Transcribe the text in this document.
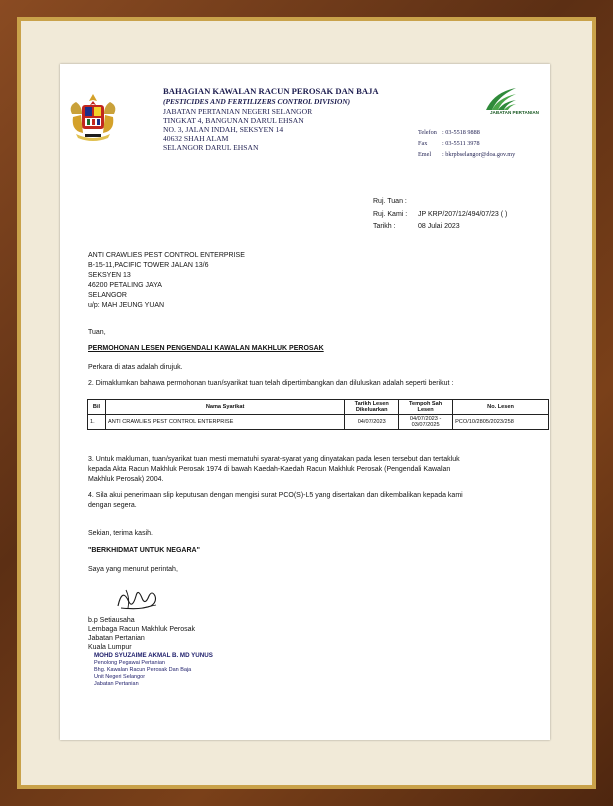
JABATAN PERTANIAN
BAHAGIAN KAWALAN RACUN PEROSAK DAN BAJA
(PESTICIDES AND FERTILIZERS CONTROL DIVISION)
JABATAN PERTANIAN NEGERI SELANGOR
TINGKAT 4, BANGUNAN DARUL EHSAN
NO. 3, JALAN INDAH, SEKSYEN 14
40632 SHAH ALAM
SELANGOR DARUL EHSAN
Telefon : 03-5518 9888
Fax : 03-5511 3978
Emel : bkrpbselangor@doa.gov.my
Ruj. Tuan :
Ruj. Kami : JP KRP/207/12/494/07/23 ( )
Tarikh :	08 Julai 2023
ANTI CRAWLIES PEST CONTROL ENTERPRISE
B-15-11,PACIFIC TOWER JALAN 13/6
SEKSYEN 13
46200 PETALING JAYA
SELANGOR
u/p: MAH JEUNG YUAN
Tuan,
PERMOHONAN LESEN PENGENDALI KAWALAN MAKHLUK PEROSAK
Perkara di atas adalah dirujuk.
2. Dimaklumkan bahawa permohonan tuan/syarikat tuan telah dipertimbangkan dan diluluskan adalah seperti berikut :
Bil	Nama Syarikat	Tarikh Lesen Dikeluarkan	Tempoh Sah Lesen	No. Lesen
1.	ANTI CRAWLIES PEST CONTROL ENTERPRISE	04/07/2023	04/07/2023 - 03/07/2025	PCO/10/2805/2023/258
3. Untuk makluman, tuan/syarikat tuan mesti mematuhi syarat-syarat yang dinyatakan pada lesen tersebut dan tertakluk
kepada Akta Racun Makhluk Perosak 1974 di bawah Kaedah-Kaedah Racun Makhluk Perosak (Pengendali Kawalan
Makhluk Perosak) 2004.
4. Sila akui penerimaan slip keputusan dengan mengisi surat PCO(S)-L5 yang disertakan dan dikembalikan kepada kami
dengan segera.
Sekian, terima kasih.
"BERKHIDMAT UNTUK NEGARA"
Saya yang menurut perintah,
b.p Setiausaha
Lembaga Racun Makhluk Perosak
Jabatan Pertanian
Kuala Lumpur
MOHD SYUZAIME AKMAL B. MD YUNUS
Penolong Pegawai Pertanian
Bhg. Kawalan Racun Perosak Dan Baja
Unit Negeri Selangor
Jabatan Pertanian
